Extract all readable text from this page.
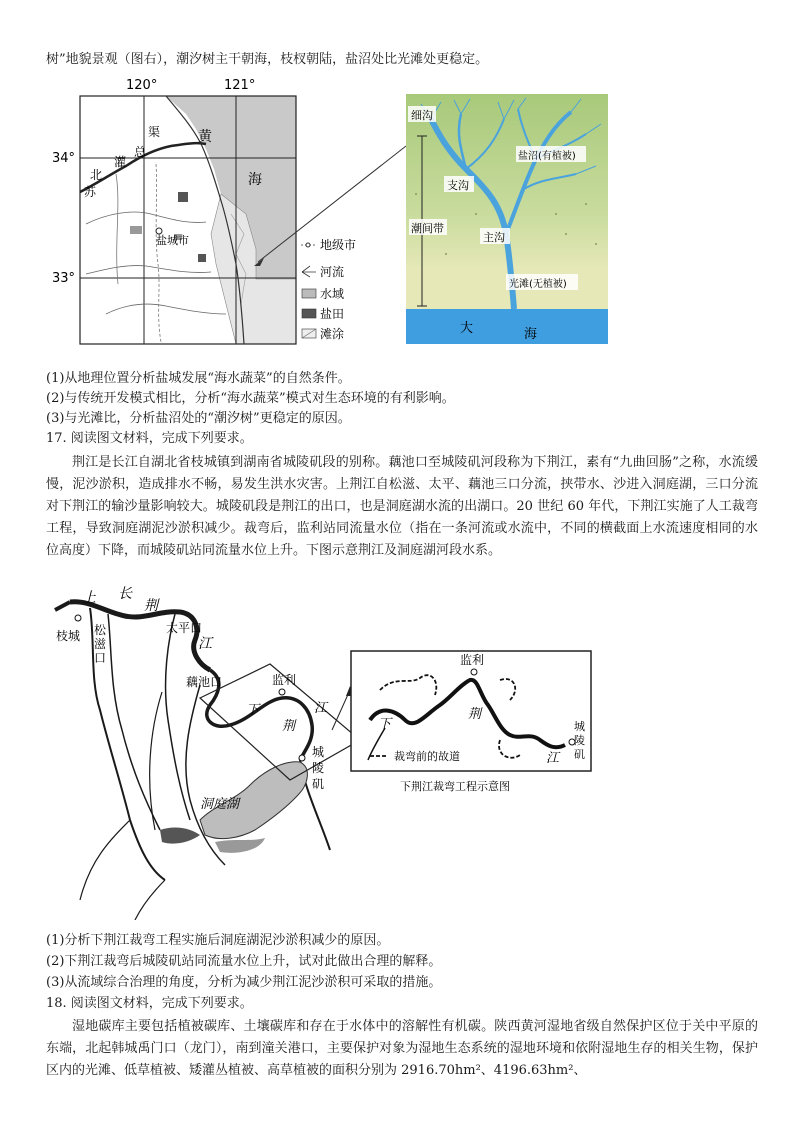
树”地貌景观（图右），潮汐树主干朝海，枝杈朝陆，盐沼处比光滩处更稳定。
120°	121°
34°
33°
黄
海
盐城市
渠
总
灌
北
苏
地级市
河流
水域
盐田
滩涂
细沟
盐沼(有植被)
支沟
潮间带
主沟
光滩(无植被)
大	海
(1)从地理位置分析盐城发展“海水蔬菜”的自然条件。
(2)与传统开发模式相比，分析“海水蔬菜”模式对生态环境的有利影响。
(3)与光滩比，分析盐沼处的“潮汐树”更稳定的原因。
17. 阅读图文材料，完成下列要求。
荆江是长江自湖北省枝城镇到湖南省城陵矶段的别称。藕池口至城陵矶河段称为下荆江，素有“九曲回肠”之称，水流缓慢，泥沙淤积，造成排水不畅，易发生洪水灾害。上荆江自松滋、太平、藕池三口分流，挟带水、沙进入洞庭湖，三口分流对下荆江的输沙量影响较大。城陵矶段是荆江的出口，也是洞庭湖水流的出湖口。20 世纪 60 年代，下荆江实施了人工裁弯工程，导致洞庭湖泥沙淤积减少。裁弯后，监利站同流量水位（指在一条河流或水流中，不同的横截面上水流速度相同的水位高度）下降，而城陵矶站同流量水位上升。下图示意荆江及洞庭湖河段水系。
上 长
荆
江
枝城 松
滋
口
太平口
藕池口
下
监利
荆
江
洞庭湖
城
陵
矶
监利
下
荆
江
城
陵
矶
裁弯前的故道
下荆江裁弯工程示意图
(1)分析下荆江裁弯工程实施后洞庭湖泥沙淤积减少的原因。
(2)下荆江裁弯后城陵矶站同流量水位上升，试对此做出合理的解释。
(3)从流域综合治理的角度，分析为减少荆江泥沙淤积可采取的措施。
18. 阅读图文材料，完成下列要求。
湿地碳库主要包括植被碳库、土壤碳库和存在于水体中的溶解性有机碳。陕西黄河湿地省级自然保护区位于关中平原的东端，北起韩城禹门口（龙门），南到潼关港口，主要保护对象为湿地生态系统的湿地环境和依附湿地生存的相关生物，保护区内的光滩、低草植被、矮灌丛植被、高草植被的面积分别为 2916.70hm²、4196.63hm²、
